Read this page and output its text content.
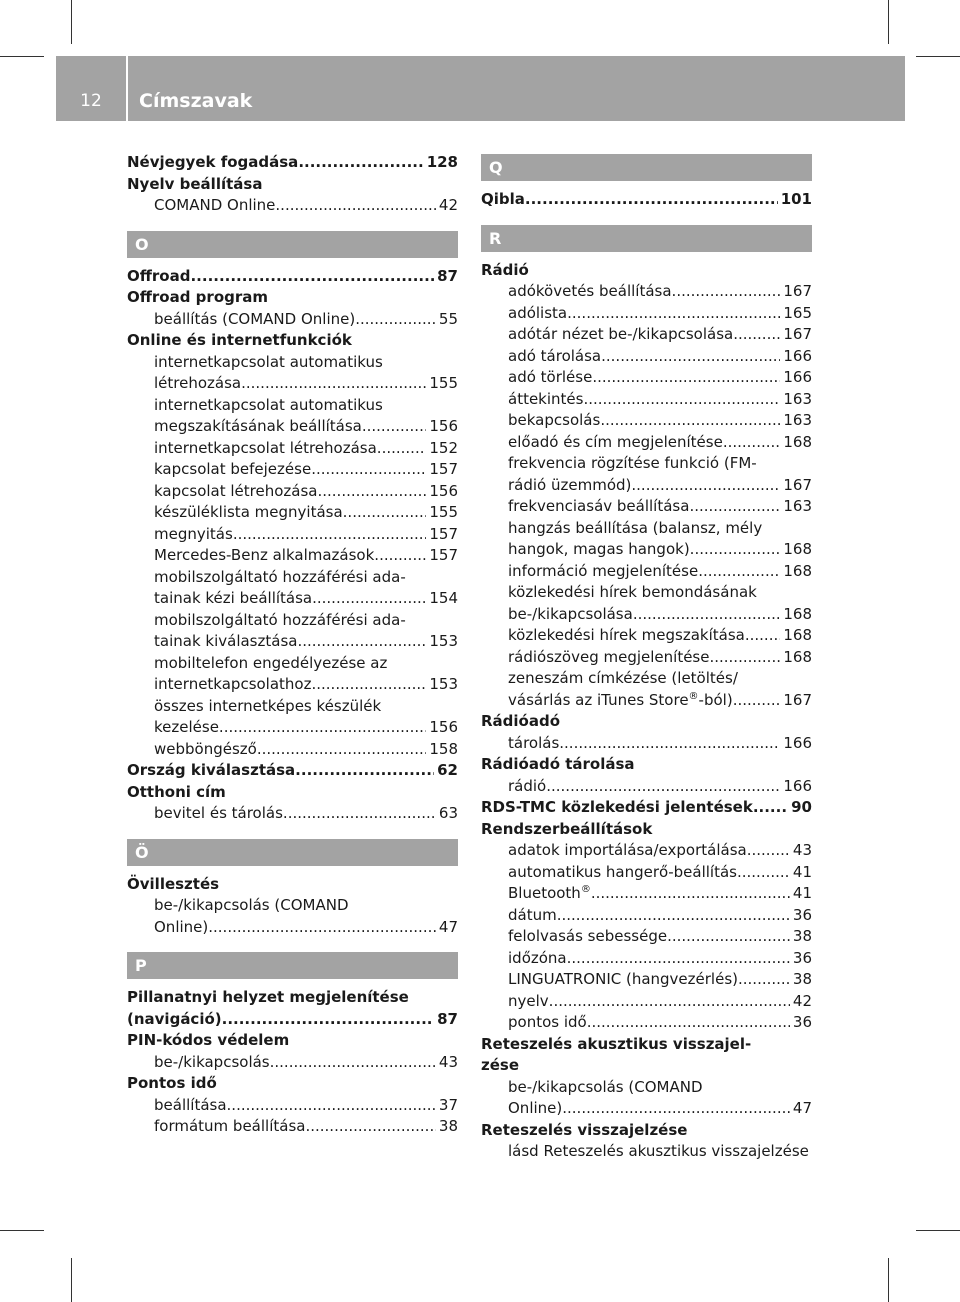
12	Címszavak
Névjegyek fogadása .....	128
Nyelv beállítása
COMAND Online .....	42
O
Offroad .....	87
Offroad program
beállítás (COMAND Online) .....	55
Online és internetfunkciók
internetkapcsolat automatikus
létrehozása .....	155
internetkapcsolat automatikus
megszakításának beállítása .....	156
internetkapcsolat létrehozása .....	152
kapcsolat befejezése .....	157
kapcsolat létrehozása .....	156
készüléklista megnyitása .....	155
megnyitás .....	157
Mercedes-Benz alkalmazások .....	157
mobilszolgáltató hozzáférési ada-
tainak kézi beállítása .....	154
mobilszolgáltató hozzáférési ada-
tainak kiválasztása .....	153
mobiltelefon engedélyezése az
internetkapcsolathoz .....	153
összes internetképes készülék
kezelése .....	156
webböngésző .....	158
Ország kiválasztása .....	62
Otthoni cím
bevitel és tárolás .....	63
Ö
Övillesztés
be-/kikapcsolás (COMAND
Online) .....	47
P
Pillanatnyi helyzet megjelenítése
(navigáció) .....	87
PIN-kódos védelem
be-/kikapcsolás .....	43
Pontos idő
beállítása .....	37
formátum beállítása .....	38
Q
Qibla .....	101
R
Rádió
adókövetés beállítása .....	167
adólista .....	165
adótár nézet be-/kikapcsolása .....	167
adó tárolása .....	166
adó törlése .....	166
áttekintés .....	163
bekapcsolás .....	163
előadó és cím megjelenítése .....	168
frekvencia rögzítése funkció (FM-
rádió üzemmód) .....	167
frekvenciasáv beállítása .....	163
hangzás beállítása (balansz, mély
hangok, magas hangok) .....	168
információ megjelenítése .....	168
közlekedési hírek bemondásának
be-/kikapcsolása .....	168
közlekedési hírek megszakítása .....	168
rádiószöveg megjelenítése .....	168
zeneszám címkézése (letöltés/
vásárlás az iTunes Store®-ból) .....	167
Rádióadó
tárolás .....	166
Rádióadó tárolása
rádió .....	166
RDS-TMC közlekedési jelentések .....	90
Rendszerbeállítások
adatok importálása/exportálása .....	43
automatikus hangerő-beállítás .....	41
Bluetooth® .....	41
dátum .....	36
felolvasás sebessége .....	38
időzóna .....	36
LINGUATRONIC (hangvezérlés) .....	38
nyelv .....	42
pontos idő .....	36
Reteszelés akusztikus visszajel-
zése
be-/kikapcsolás (COMAND
Online) .....	47
Reteszelés visszajelzése
lásd Reteszelés akusztikus visszajelzése
